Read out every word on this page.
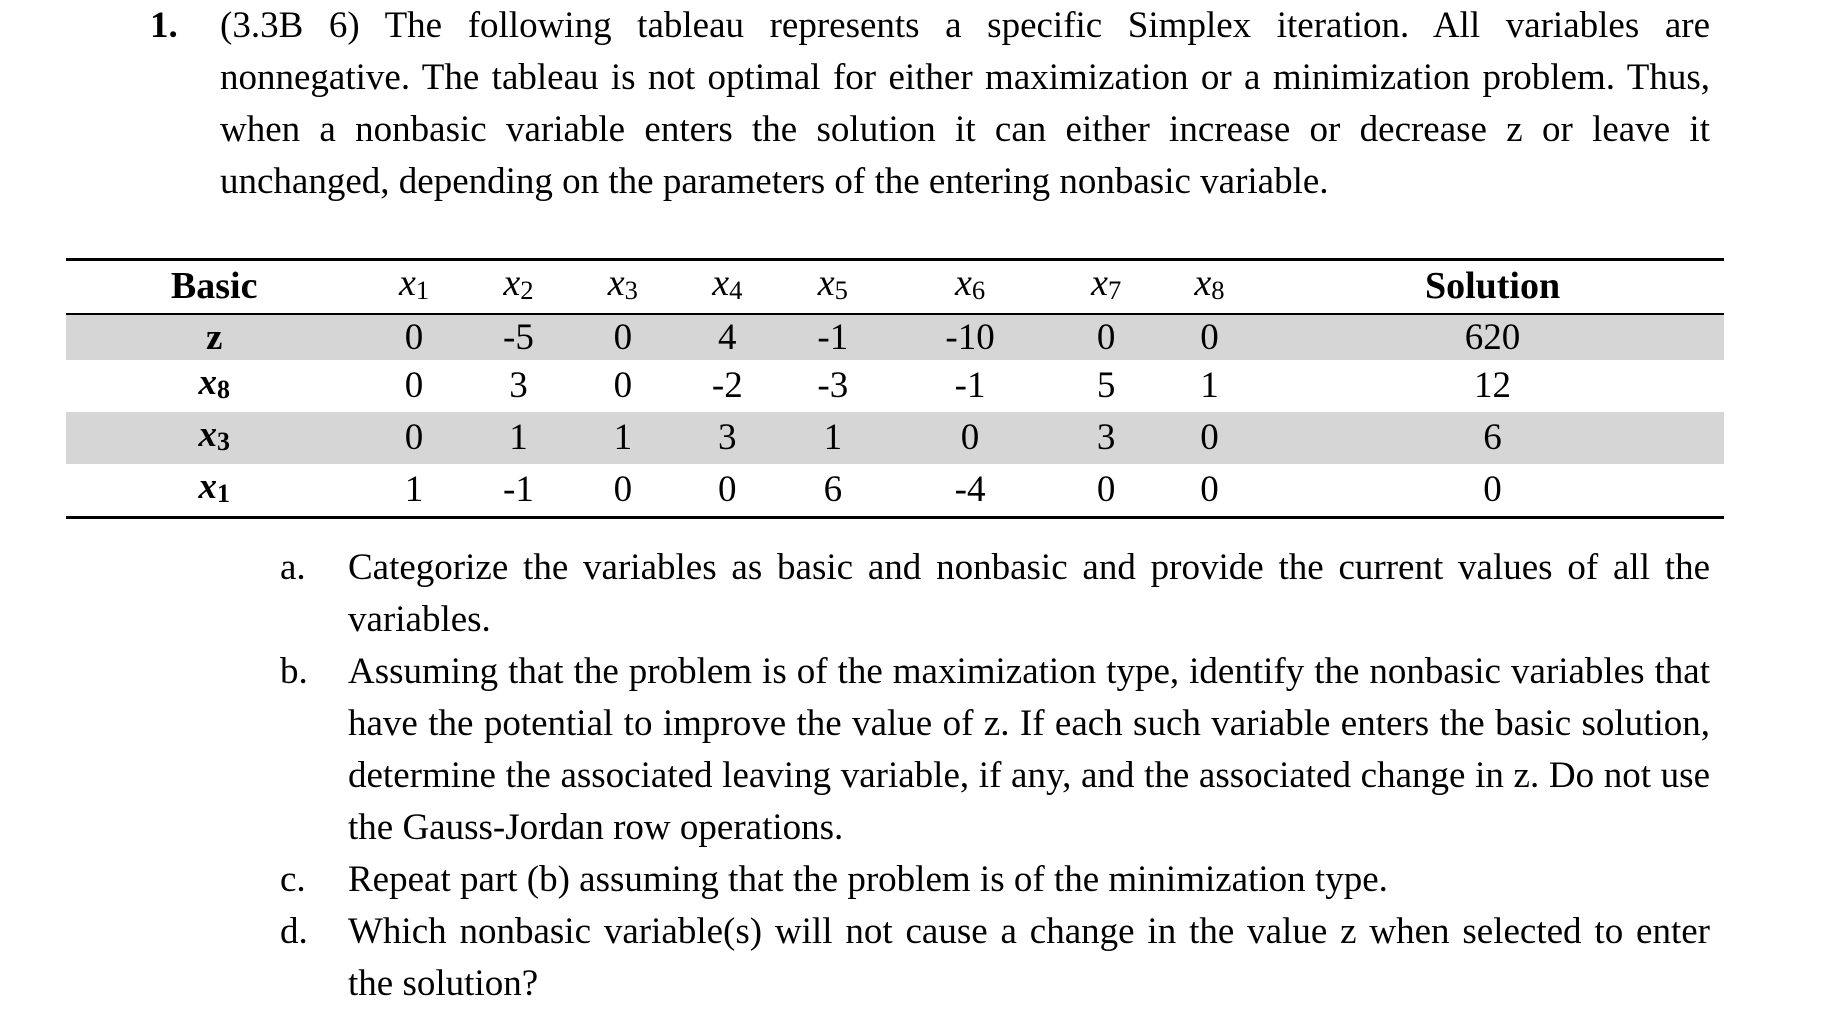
1. (3.3B 6) The following tableau represents a specific Simplex iteration. All variables are nonnegative. The tableau is not optimal for either maximization or a minimization problem. Thus, when a nonbasic variable enters the solution it can either increase or decrease z or leave it unchanged, depending on the parameters of the entering nonbasic variable.
Basic	x1	x2	x3	x4	x5	x6	x7	x8	Solution
z	0	-5	0	4	-1	-10	0	0	620
x8	0	3	0	-2	-3	-1	5	1	12
x3	0	1	1	3	1	0	3	0	6
x1	1	-1	0	0	6	-4	0	0	0
a. Categorize the variables as basic and nonbasic and provide the current values of all the variables.
b. Assuming that the problem is of the maximization type, identify the nonbasic variables that have the potential to improve the value of z. If each such variable enters the basic solution, determine the associated leaving variable, if any, and the associated change in z. Do not use the Gauss-Jordan row operations.
c. Repeat part (b) assuming that the problem is of the minimization type.
d. Which nonbasic variable(s) will not cause a change in the value z when selected to enter the solution?
